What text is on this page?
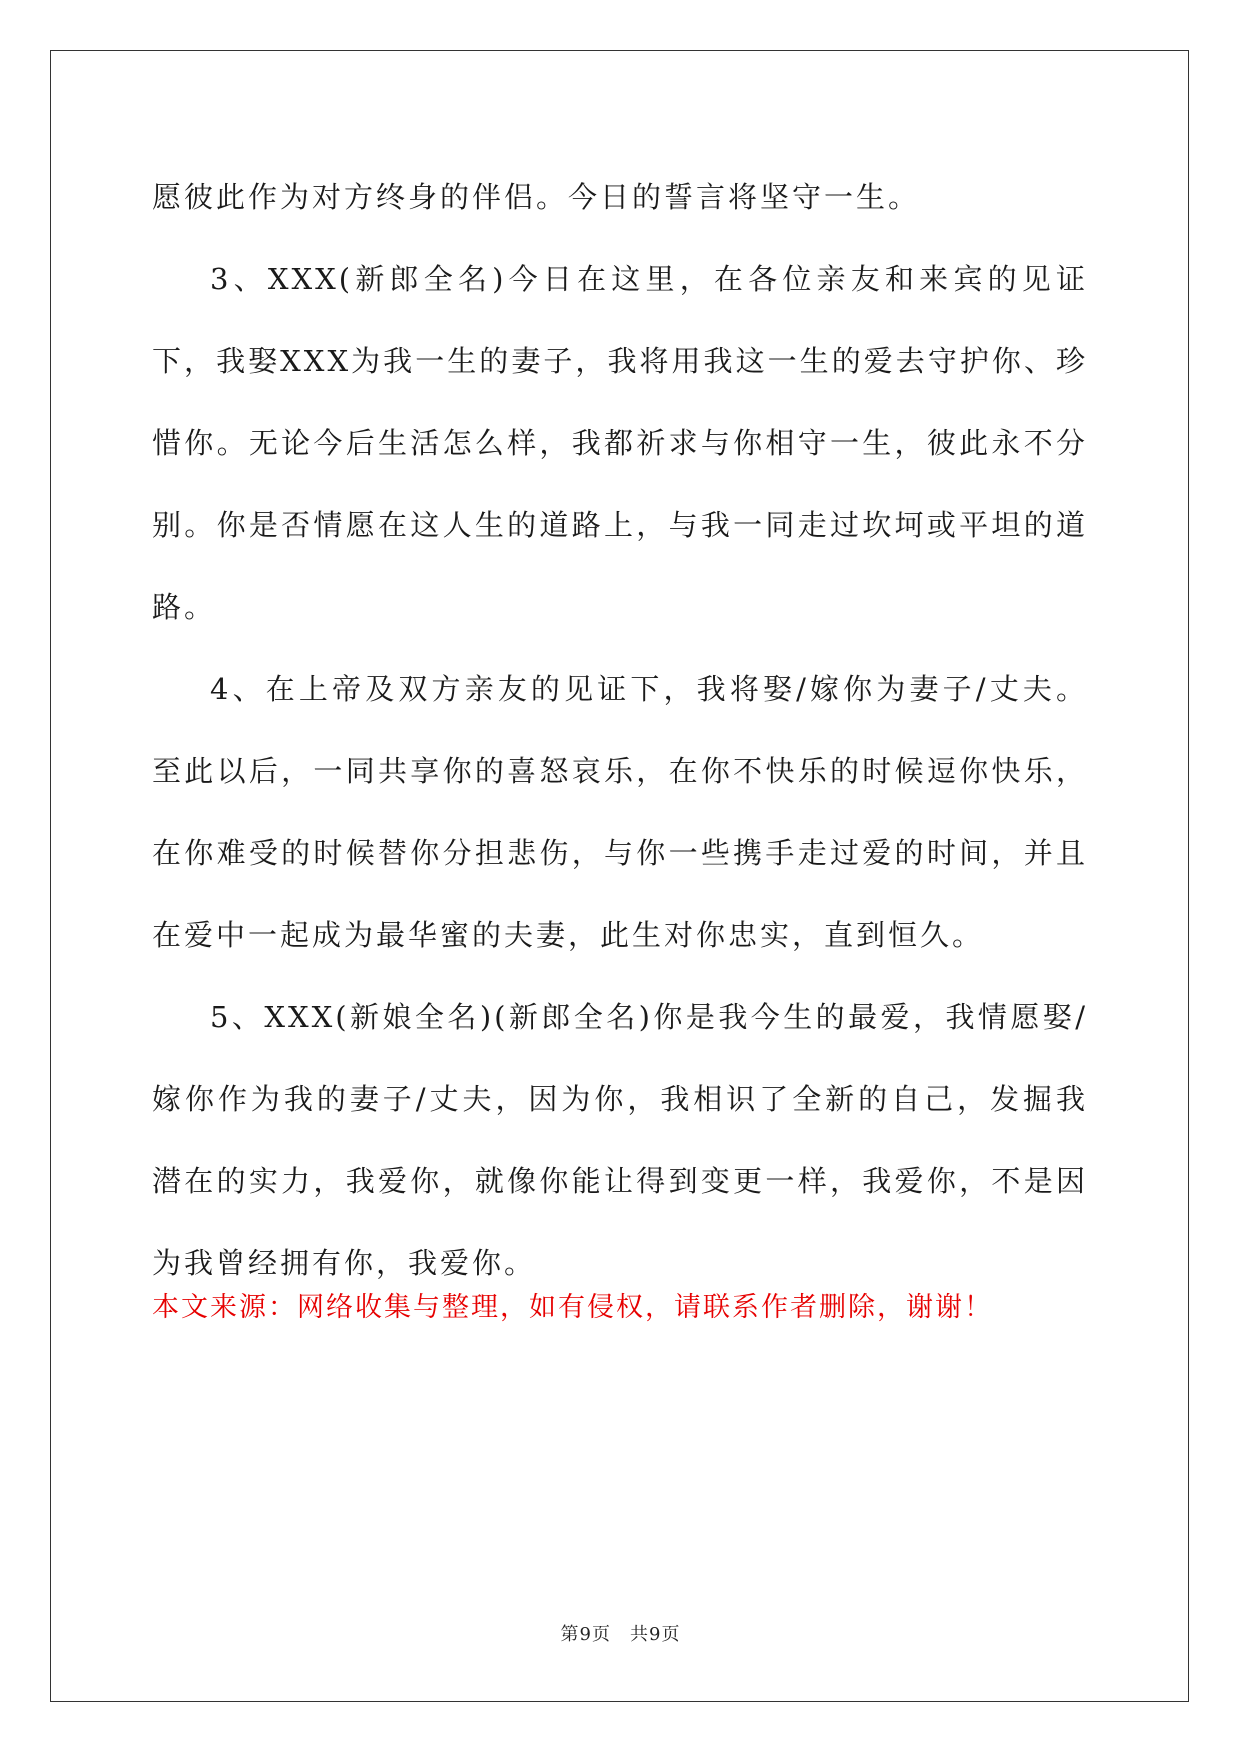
愿彼此作为对方终身的伴侣。今日的誓言将坚守一生。

3、XXX(新郎全名)今日在这里，在各位亲友和来宾的见证下，我娶XXX为我一生的妻子，我将用我这一生的爱去守护你、珍惜你。无论今后生活怎么样，我都祈求与你相守一生，彼此永不分别。你是否情愿在这人生的道路上，与我一同走过坎坷或平坦的道路。

4、在上帝及双方亲友的见证下，我将娶/嫁你为妻子/丈夫。至此以后，一同共享你的喜怒哀乐，在你不快乐的时候逗你快乐，在你难受的时候替你分担悲伤，与你一些携手走过爱的时间，并且在爱中一起成为最华蜜的夫妻，此生对你忠实，直到恒久。

5、XXX(新娘全名)(新郎全名)你是我今生的最爱，我情愿娶/嫁你作为我的妻子/丈夫，因为你，我相识了全新的自己，发掘我潜在的实力，我爱你，就像你能让得到变更一样，我爱你，不是因为我曾经拥有你，我爱你。

本文来源：网络收集与整理，如有侵权，请联系作者删除，谢谢！

第9页　共9页
